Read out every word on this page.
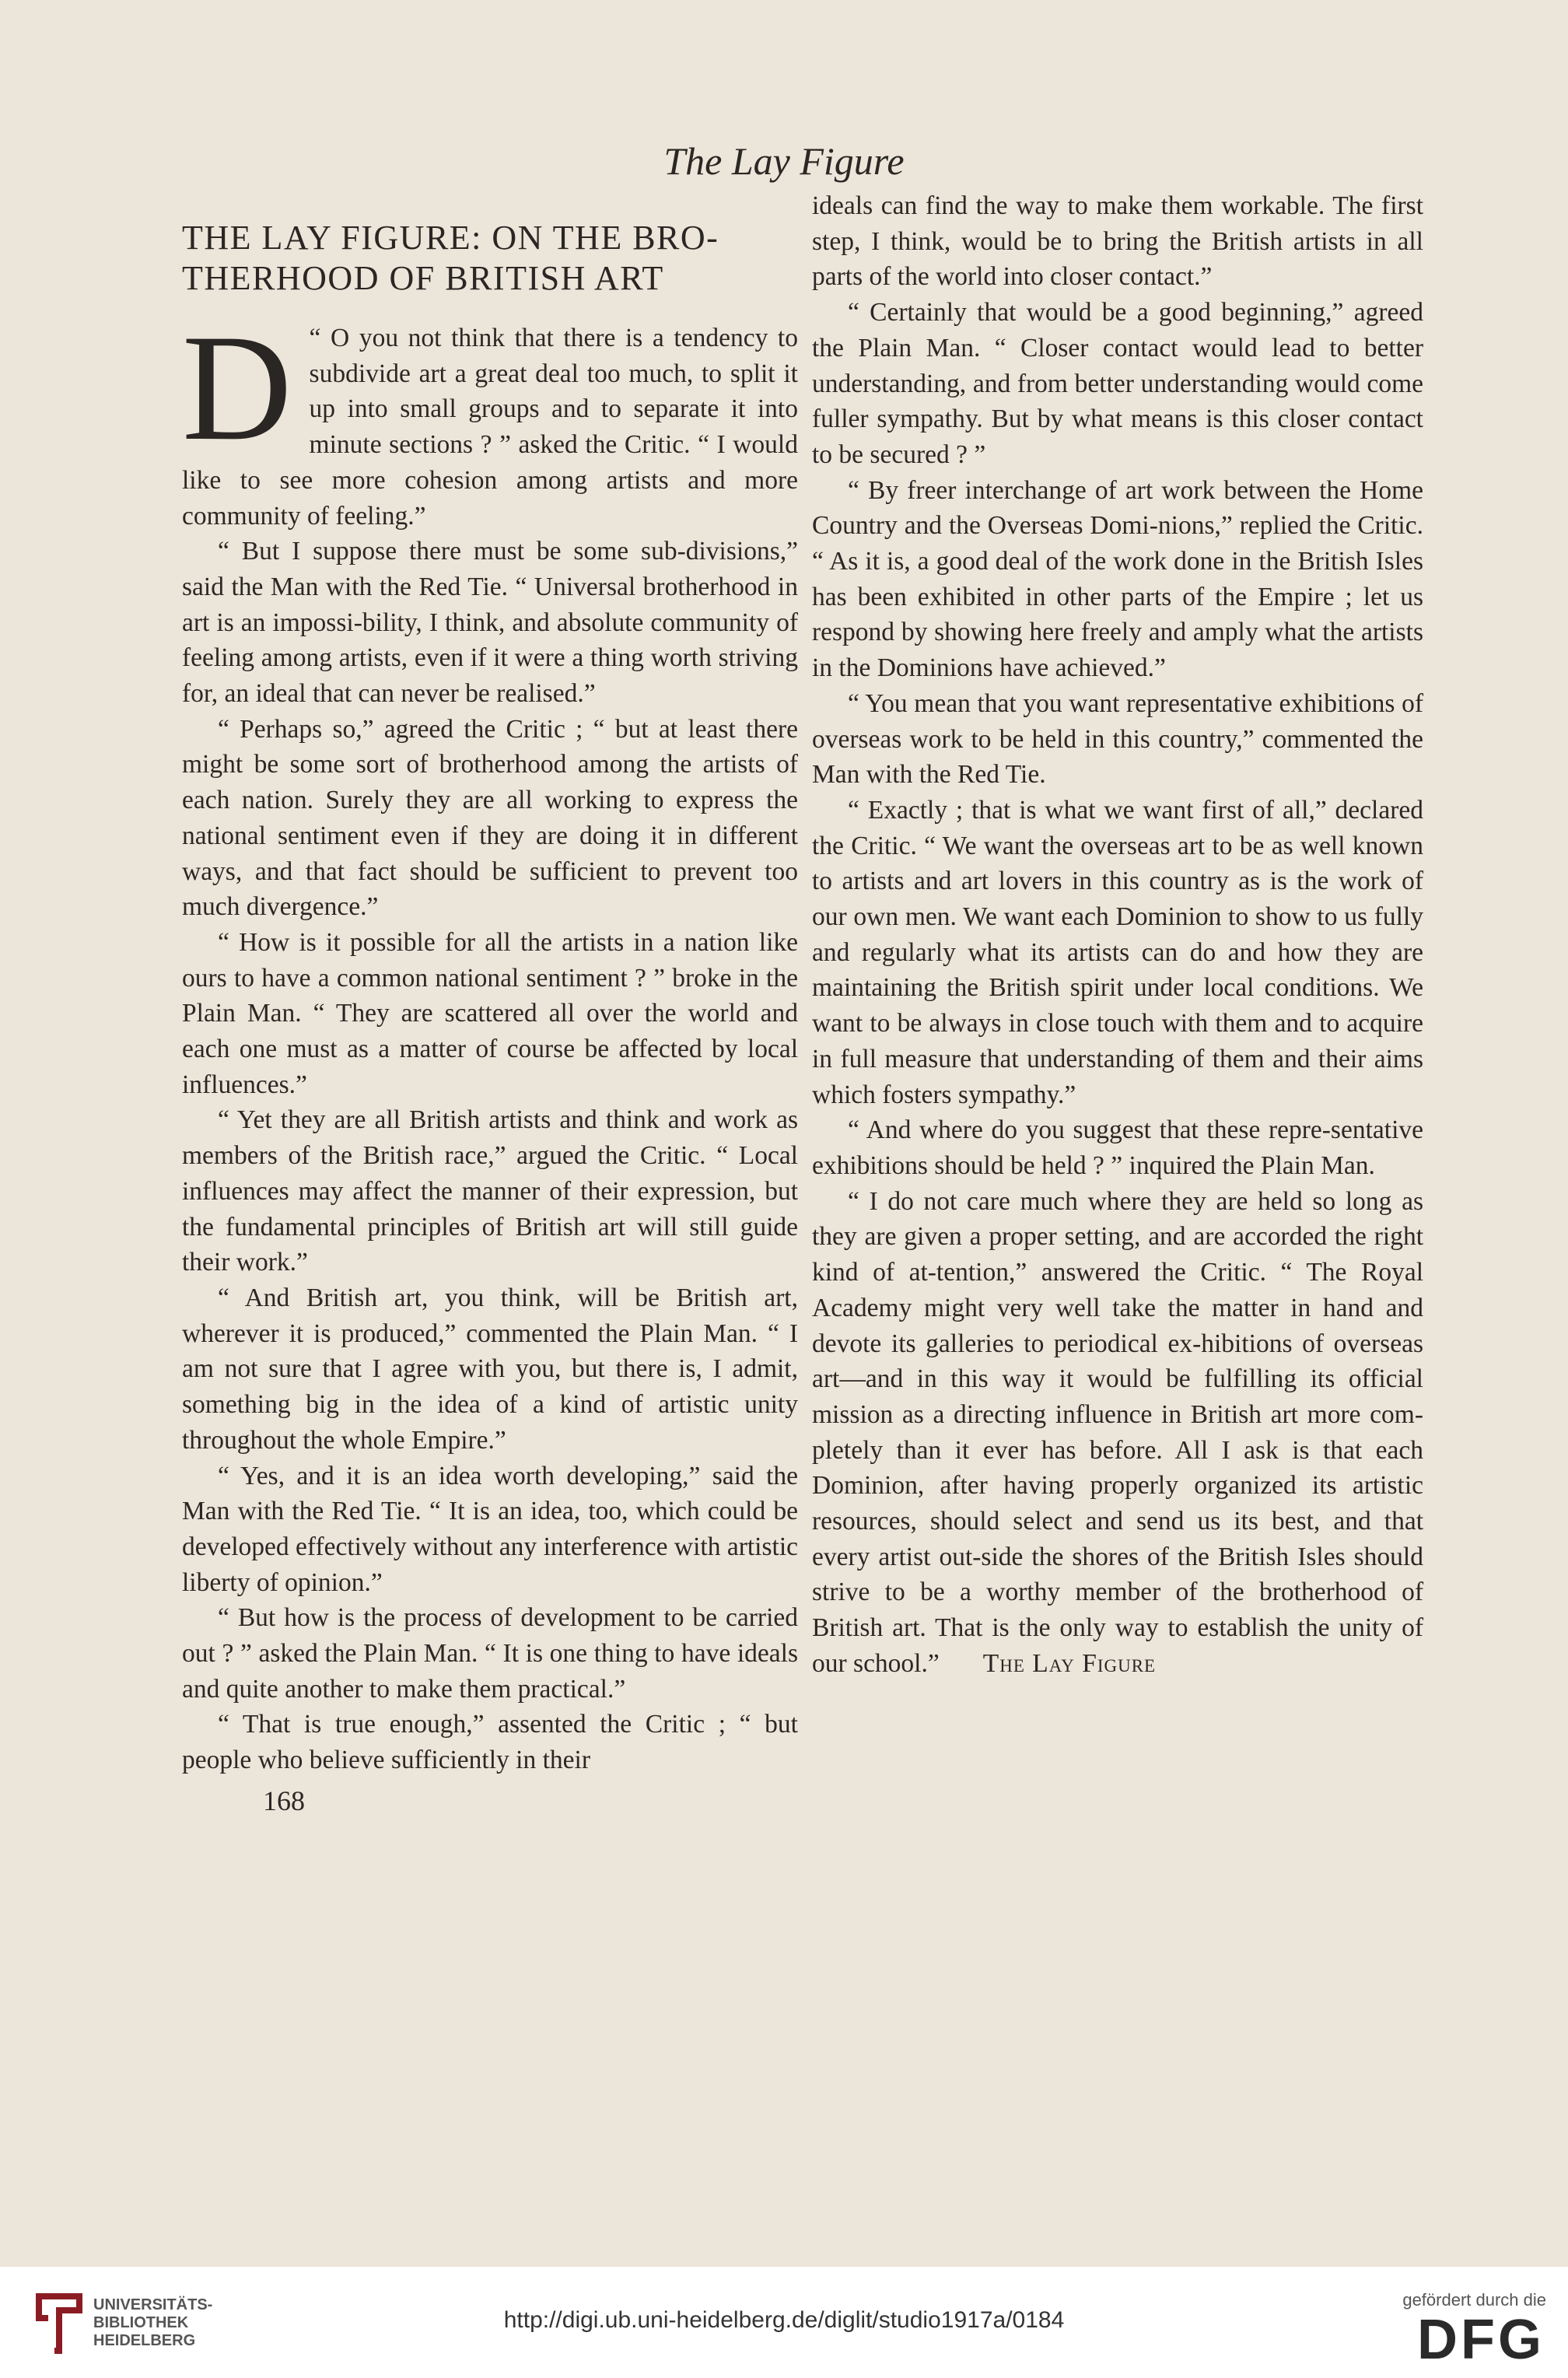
The Lay Figure
THE LAY FIGURE: ON THE BRO-
THERHOOD OF BRITISH ART
D “ O you not think that there is a tendency to subdivide art a great deal too much, to split it up into small groups and to separate it into minute sections ? ” asked the Critic. “ I would like to see more cohesion among artists and more community of feeling.”

“ But I suppose there must be some sub-divisions,” said the Man with the Red Tie. “ Universal brotherhood in art is an impossi-bility, I think, and absolute community of feeling among artists, even if it were a thing worth striving for, an ideal that can never be realised.”

“ Perhaps so,” agreed the Critic ; “ but at least there might be some sort of brotherhood among the artists of each nation. Surely they are all working to express the national sentiment even if they are doing it in different ways, and that fact should be sufficient to prevent too much divergence.”

“ How is it possible for all the artists in a nation like ours to have a common national sentiment ? ” broke in the Plain Man. “ They are scattered all over the world and each one must as a matter of course be affected by local influences.”

“ Yet they are all British artists and think and work as members of the British race,” argued the Critic. “ Local influences may affect the manner of their expression, but the fundamental principles of British art will still guide their work.”

“ And British art, you think, will be British art, wherever it is produced,” commented the Plain Man. “ I am not sure that I agree with you, but there is, I admit, something big in the idea of a kind of artistic unity throughout the whole Empire.”

“ Yes, and it is an idea worth developing,” said the Man with the Red Tie. “ It is an idea, too, which could be developed effectively without any interference with artistic liberty of opinion.”

“ But how is the process of development to be carried out ? ” asked the Plain Man. “ It is one thing to have ideals and quite another to make them practical.”

“ That is true enough,” assented the Critic ; “ but people who believe sufficiently in their

ideals can find the way to make them workable. The first step, I think, would be to bring the British artists in all parts of the world into closer contact.”

“ Certainly that would be a good beginning,” agreed the Plain Man. “ Closer contact would lead to better understanding, and from better understanding would come fuller sympathy. But by what means is this closer contact to be secured ? ”

“ By freer interchange of art work between the Home Country and the Overseas Domi-nions,” replied the Critic. “ As it is, a good deal of the work done in the British Isles has been exhibited in other parts of the Empire ; let us respond by showing here freely and amply what the artists in the Dominions have achieved.”

“ You mean that you want representative exhibitions of overseas work to be held in this country,” commented the Man with the Red Tie.

“ Exactly ; that is what we want first of all,” declared the Critic. “ We want the overseas art to be as well known to artists and art lovers in this country as is the work of our own men. We want each Dominion to show to us fully and regularly what its artists can do and how they are maintaining the British spirit under local conditions. We want to be always in close touch with them and to acquire in full measure that understanding of them and their aims which fosters sympathy.”

“ And where do you suggest that these repre-sentative exhibitions should be held ? ” inquired the Plain Man.

“ I do not care much where they are held so long as they are given a proper setting, and are accorded the right kind of at-tention,” answered the Critic. “ The Royal Academy might very well take the matter in hand and devote its galleries to periodical ex-hibitions of overseas art—and in this way it would be fulfilling its official mission as a directing influence in British art more com-pletely than it ever has before. All I ask is that each Dominion, after having properly organized its artistic resources, should select and send us its best, and that every artist out-side the shores of the British Isles should strive to be a worthy member of the brotherhood of British art. That is the only way to establish the unity of our school.” The Lay Figure

168
UNIVERSITÄTS-
BIBLIOTHEK
HEIDELBERG
http://digi.ub.uni-heidelberg.de/diglit/studio1917a/0184
gefördert durch die
DFG
